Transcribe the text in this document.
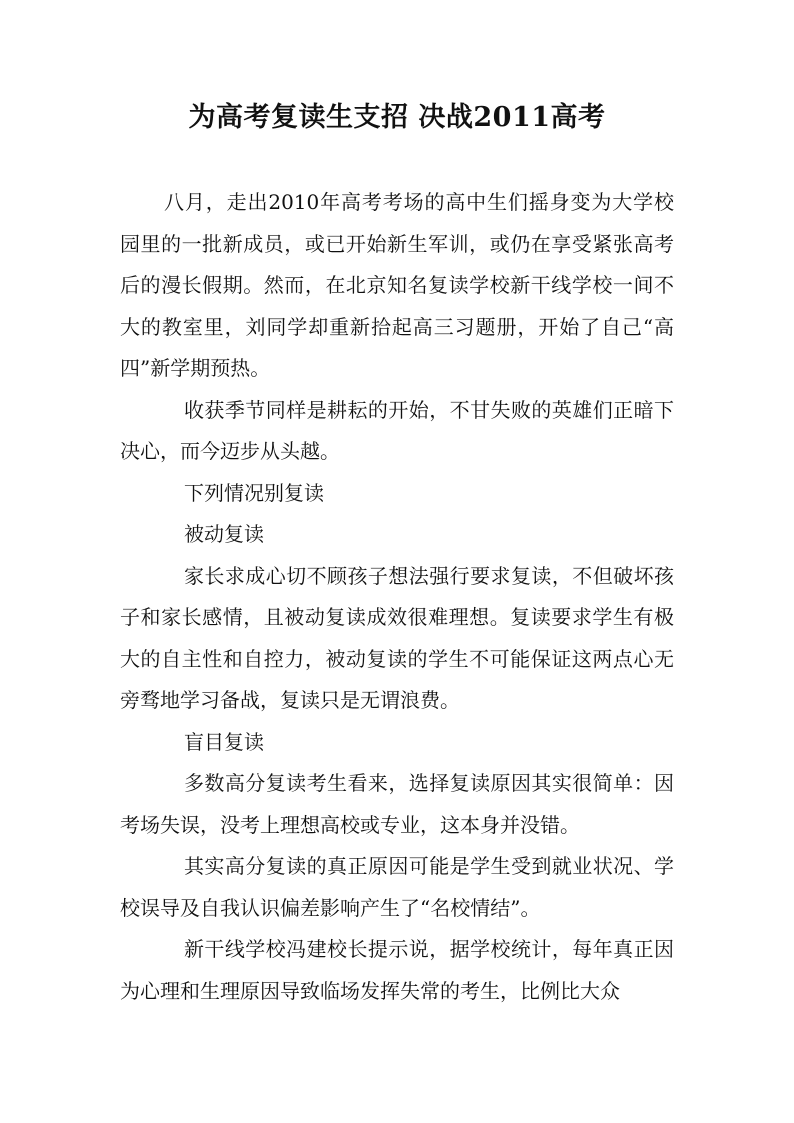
为高考复读生支招 决战2011高考

八月，走出2010年高考考场的高中生们摇身变为大学校园里的一批新成员，或已开始新生军训，或仍在享受紧张高考后的漫长假期。然而，在北京知名复读学校新干线学校一间不大的教室里，刘同学却重新拾起高三习题册，开始了自己“高四”新学期预热。

收获季节同样是耕耘的开始，不甘失败的英雄们正暗下决心，而今迈步从头越。

下列情况别复读

被动复读

家长求成心切不顾孩子想法强行要求复读，不但破坏孩子和家长感情，且被动复读成效很难理想。复读要求学生有极大的自主性和自控力，被动复读的学生不可能保证这两点心无旁骛地学习备战，复读只是无谓浪费。

盲目复读

多数高分复读考生看来，选择复读原因其实很简单：因考场失误，没考上理想高校或专业，这本身并没错。

其实高分复读的真正原因可能是学生受到就业状况、学校误导及自我认识偏差影响产生了“名校情结”。

新干线学校冯建校长提示说，据学校统计，每年真正因为心理和生理原因导致临场发挥失常的考生，比例比大众
